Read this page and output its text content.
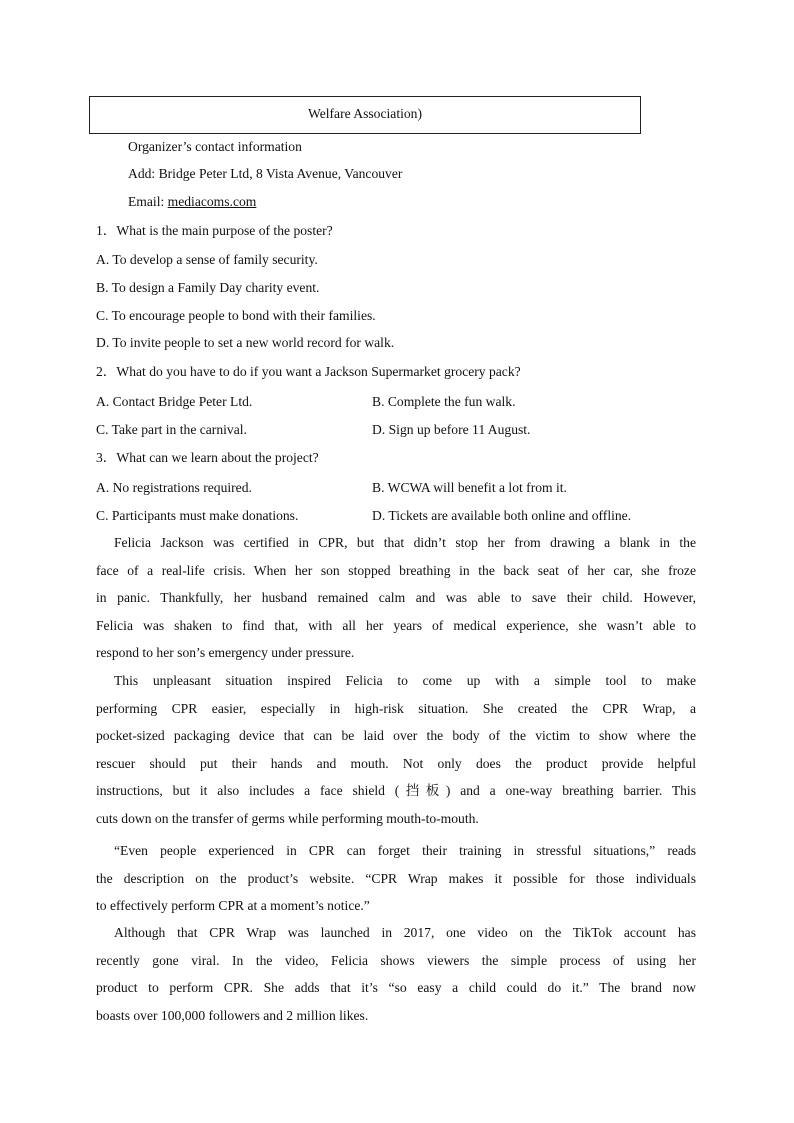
Welfare Association)
Organizer’s contact information
Add: Bridge Peter Ltd, 8 Vista Avenue, Vancouver
Email: mediacoms.com
1．What is the main purpose of the poster?
A. To develop a sense of family security.
B. To design a Family Day charity event.
C. To encourage people to bond with their families.
D. To invite people to set a new world record for walk.
2．What do you have to do if you want a Jackson Supermarket grocery pack?
A. Contact Bridge Peter Ltd.	B. Complete the fun walk.
C. Take part in the carnival.	D. Sign up before 11 August.
3．What can we learn about the project?
A. No registrations required.	B. WCWA will benefit a lot from it.
C. Participants must make donations.	D. Tickets are available both online and offline.

Felicia Jackson was certified in CPR, but that didn’t stop her from drawing a blank in the

face of a real-life crisis. When her son stopped breathing in the back seat of her car, she froze

in panic. Thankfully, her husband remained calm and was able to save their child. However,

Felicia was shaken to find that, with all her years of medical experience, she wasn’t able to

respond to her son’s emergency under pressure.

This unpleasant situation inspired Felicia to come up with a simple tool to make

performing CPR easier, especially in high-risk situation. She created the CPR Wrap, a

pocket-sized packaging device that can be laid over the body of the victim to show where the

rescuer should put their hands and mouth. Not only does the product provide helpful

instructions, but it also includes a face shield (挡板) and a one-way breathing barrier. This

cuts down on the transfer of germs while performing mouth-to-mouth.

“Even people experienced in CPR can forget their training in stressful situations,” reads

the description on the product’s website. “CPR Wrap makes it possible for those individuals

to effectively perform CPR at a moment’s notice.”

Although that CPR Wrap was launched in 2017, one video on the TikTok account has

recently gone viral. In the video, Felicia shows viewers the simple process of using her

product to perform CPR. She adds that it’s “so easy a child could do it.” The brand now

boasts over 100,000 followers and 2 million likes.
